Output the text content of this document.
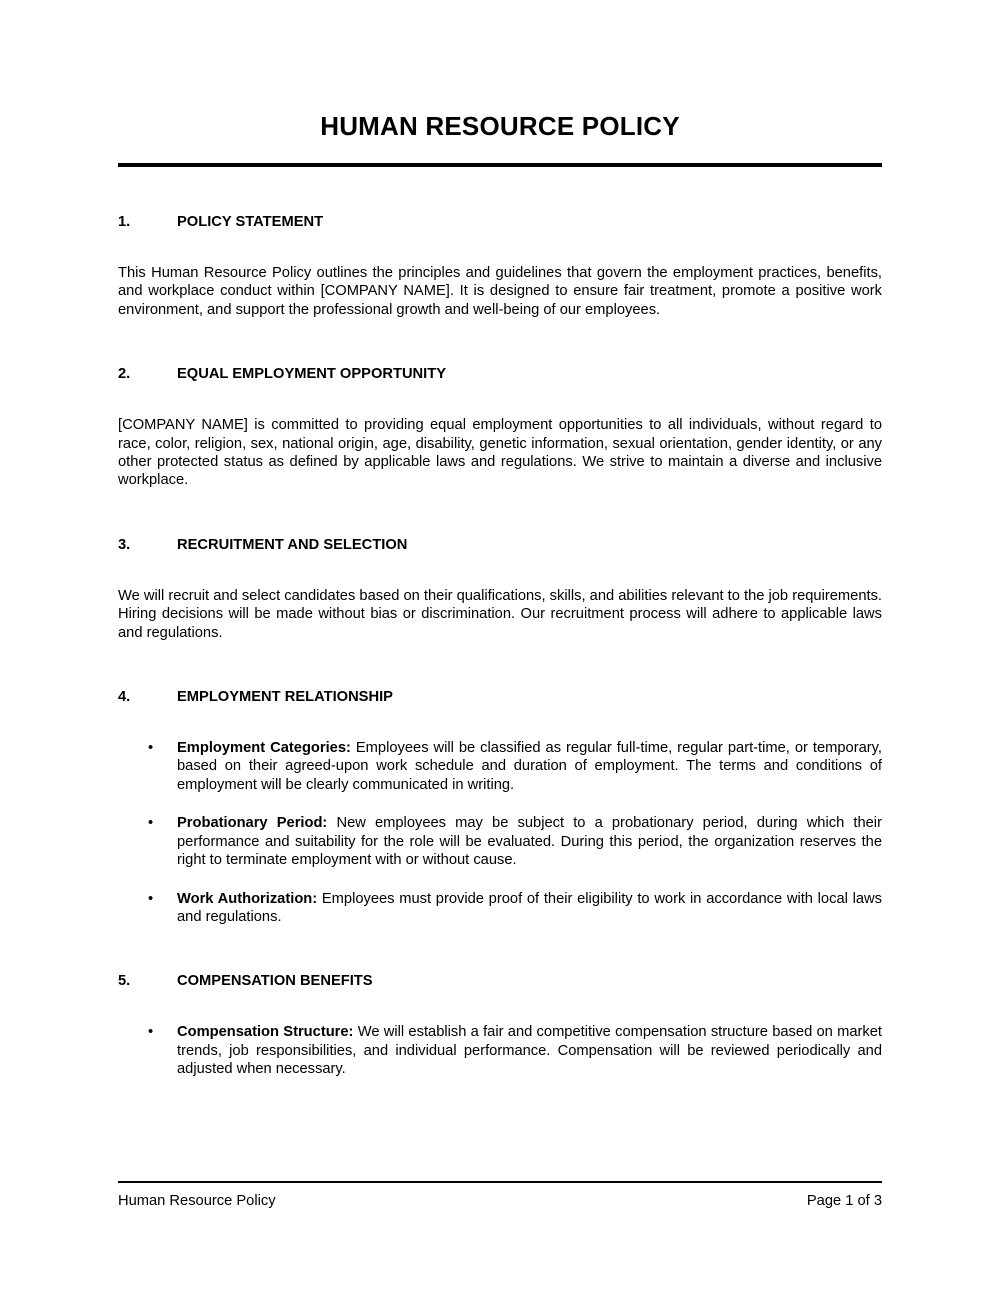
HUMAN RESOURCE POLICY
1.	POLICY STATEMENT

This Human Resource Policy outlines the principles and guidelines that govern the employment practices, benefits, and workplace conduct within [COMPANY NAME]. It is designed to ensure fair treatment, promote a positive work environment, and support the professional growth and well-being of our employees.

2.	EQUAL EMPLOYMENT OPPORTUNITY

[COMPANY NAME] is committed to providing equal employment opportunities to all individuals, without regard to race, color, religion, sex, national origin, age, disability, genetic information, sexual orientation, gender identity, or any other protected status as defined by applicable laws and regulations. We strive to maintain a diverse and inclusive workplace.

3.	RECRUITMENT AND SELECTION

We will recruit and select candidates based on their qualifications, skills, and abilities relevant to the job requirements. Hiring decisions will be made without bias or discrimination. Our recruitment process will adhere to applicable laws and regulations.

4.	EMPLOYMENT RELATIONSHIP
•	Employment Categories: Employees will be classified as regular full-time, regular part-time, or temporary, based on their agreed-upon work schedule and duration of employment. The terms and conditions of employment will be clearly communicated in writing.
•	Probationary Period: New employees may be subject to a probationary period, during which their performance and suitability for the role will be evaluated. During this period, the organization reserves the right to terminate employment with or without cause.
•	Work Authorization: Employees must provide proof of their eligibility to work in accordance with local laws and regulations.
5.	COMPENSATION BENEFITS
•	Compensation Structure: We will establish a fair and competitive compensation structure based on market trends, job responsibilities, and individual performance. Compensation will be reviewed periodically and adjusted when necessary.
Human Resource Policy	Page 1 of 3
